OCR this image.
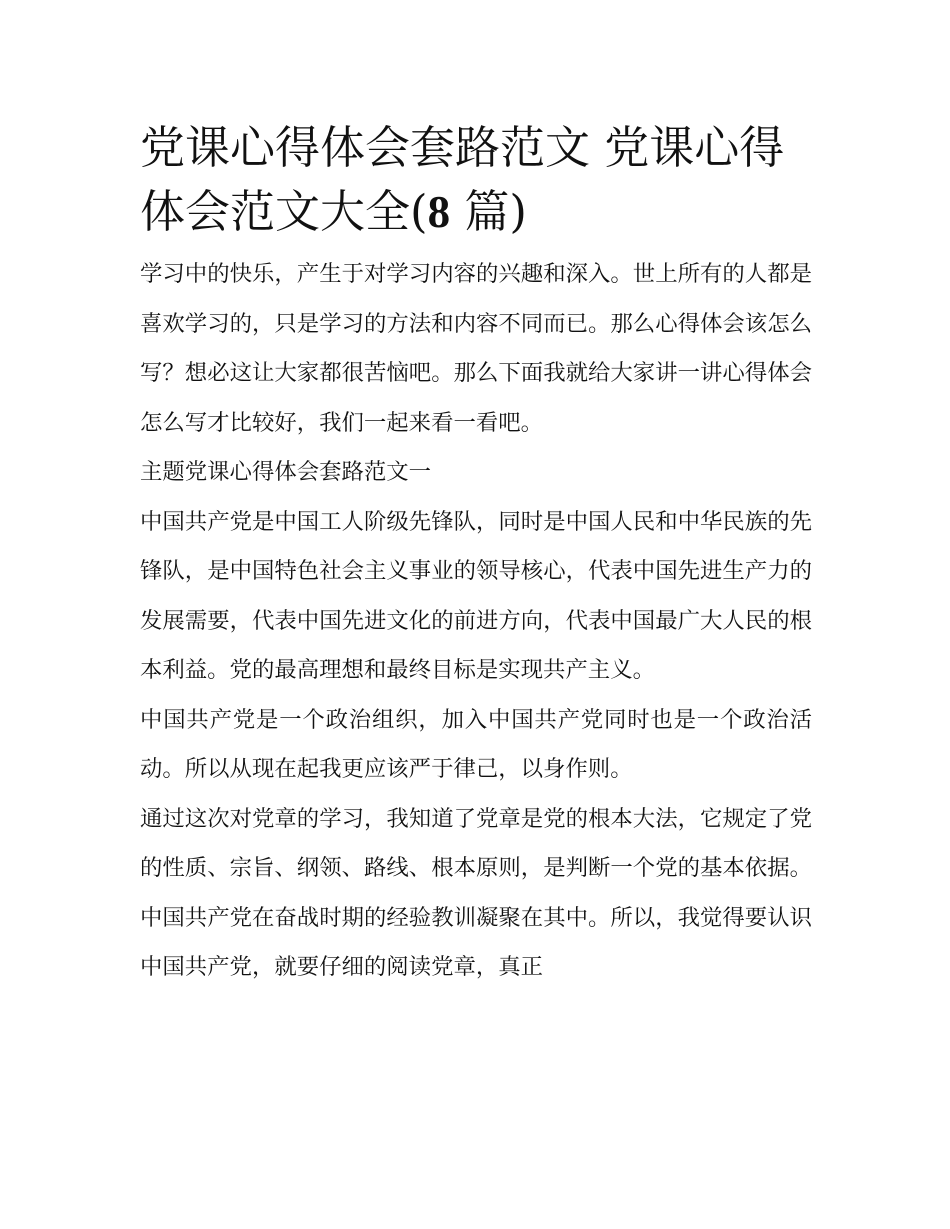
党课心得体会套路范文 党课心得体会范文大全(8 篇)

学习中的快乐，产生于对学习内容的兴趣和深入。世上所有的人都是喜欢学习的，只是学习的方法和内容不同而已。那么心得体会该怎么写？想必这让大家都很苦恼吧。那么下面我就给大家讲一讲心得体会怎么写才比较好，我们一起来看一看吧。

主题党课心得体会套路范文一

中国共产党是中国工人阶级先锋队，同时是中国人民和中华民族的先锋队，是中国特色社会主义事业的领导核心，代表中国先进生产力的发展需要，代表中国先进文化的前进方向，代表中国最广大人民的根本利益。党的最高理想和最终目标是实现共产主义。

中国共产党是一个政治组织，加入中国共产党同时也是一个政治活动。所以从现在起我更应该严于律己，以身作则。

通过这次对党章的学习，我知道了党章是党的根本大法，它规定了党的性质、宗旨、纲领、路线、根本原则，是判断一个党的基本依据。中国共产党在奋战时期的经验教训凝聚在其中。所以，我觉得要认识中国共产党，就要仔细的阅读党章，真正
